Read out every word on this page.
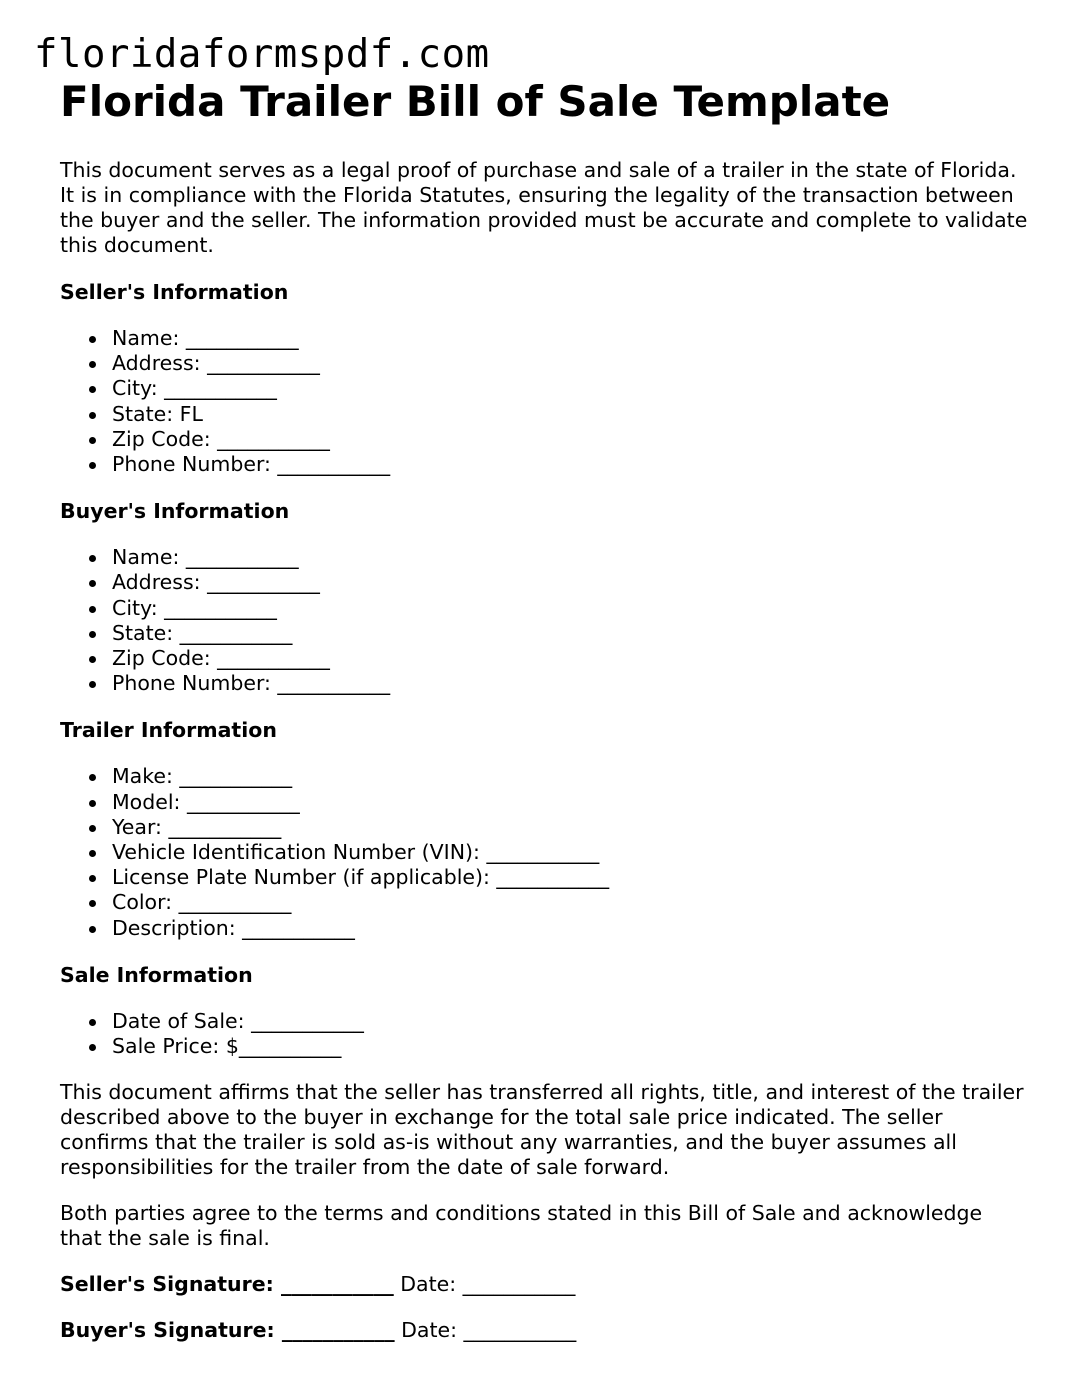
floridaformspdf.com
Florida Trailer Bill of Sale Template

This document serves as a legal proof of purchase and sale of a trailer in the state of Florida. It is in compliance with the Florida Statutes, ensuring the legality of the transaction between the buyer and the seller. The information provided must be accurate and complete to validate this document.

Seller's Information
Name: ___________
Address: ___________
City: ___________
State: FL
Zip Code: ___________
Phone Number: ___________
Buyer's Information
Name: ___________
Address: ___________
City: ___________
State: ___________
Zip Code: ___________
Phone Number: ___________
Trailer Information
Make: ___________
Model: ___________
Year: ___________
Vehicle Identification Number (VIN): ___________
License Plate Number (if applicable): ___________
Color: ___________
Description: ___________
Sale Information
Date of Sale: ___________
Sale Price: $__________

This document affirms that the seller has transferred all rights, title, and interest of the trailer described above to the buyer in exchange for the total sale price indicated. The seller confirms that the trailer is sold as-is without any warranties, and the buyer assumes all responsibilities for the trailer from the date of sale forward.

Both parties agree to the terms and conditions stated in this Bill of Sale and acknowledge that the sale is final.

Seller's Signature: ___________ Date: ___________
Buyer's Signature: ___________ Date: ___________
